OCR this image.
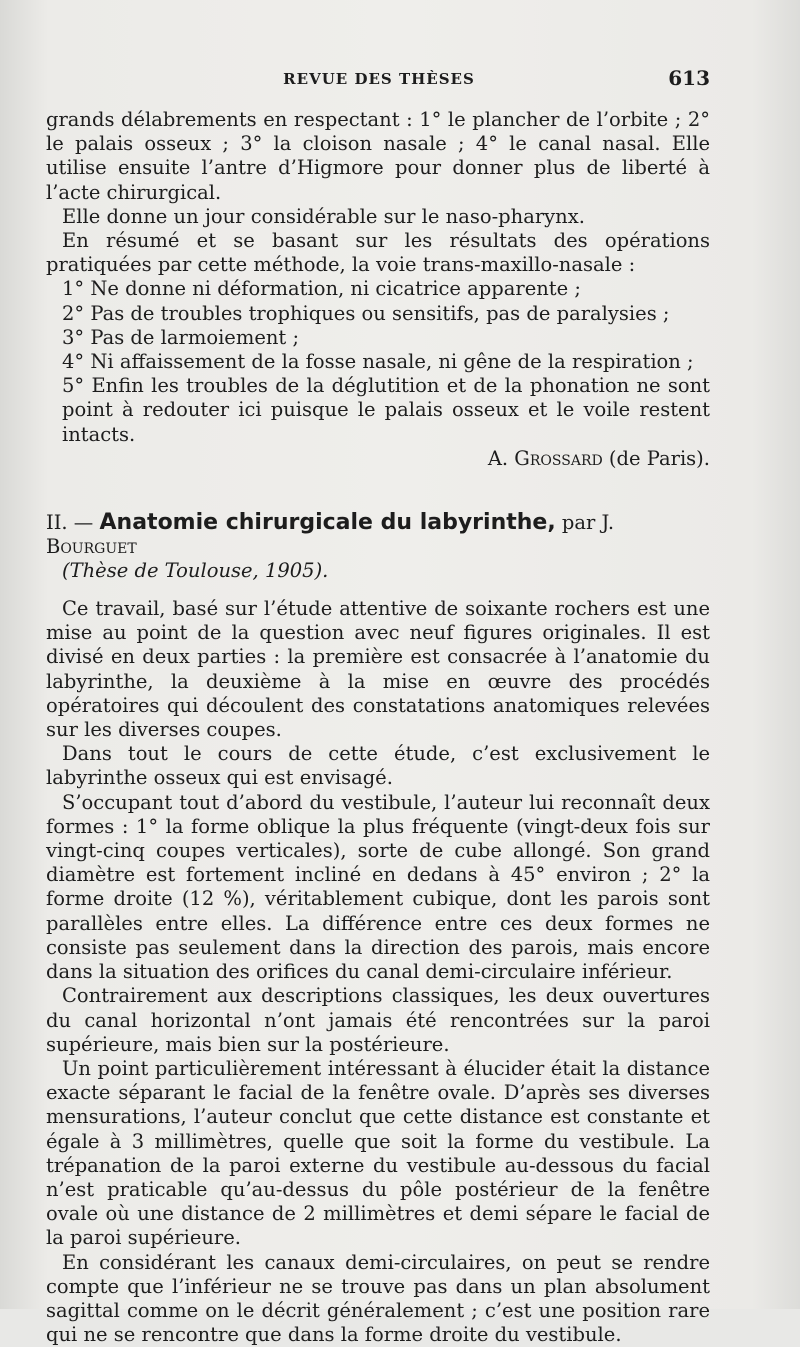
REVUE DES THÈSES	613

grands délabrements en respectant : 1° le plancher de l’orbite ; 2° le palais osseux ; 3° la cloison nasale ; 4° le canal nasal. Elle utilise ensuite l’antre d’Higmore pour donner plus de liberté à l’acte chirurgical.

Elle donne un jour considérable sur le naso-pharynx.

En résumé et se basant sur les résultats des opérations pratiquées par cette méthode, la voie trans-maxillo-nasale :

1° Ne donne ni déformation, ni cicatrice apparente ;

2° Pas de troubles trophiques ou sensitifs, pas de paralysies ;

3° Pas de larmoiement ;

4° Ni affaissement de la fosse nasale, ni gêne de la respiration ;

5° Enfin les troubles de la déglutition et de la phonation ne sont point à redouter ici puisque le palais osseux et le voile restent intacts.

A. Grossard (de Paris).

II. — Anatomie chirurgicale du labyrinthe, par J. Bourguet
(Thèse de Toulouse, 1905).

Ce travail, basé sur l’étude attentive de soixante rochers est une mise au point de la question avec neuf figures originales. Il est divisé en deux parties : la première est consacrée à l’anatomie du labyrinthe, la deuxième à la mise en œuvre des procédés opératoires qui découlent des constatations anatomiques relevées sur les diverses coupes.

Dans tout le cours de cette étude, c’est exclusivement le labyrinthe osseux qui est envisagé.

S’occupant tout d’abord du vestibule, l’auteur lui reconnaît deux formes : 1° la forme oblique la plus fréquente (vingt-deux fois sur vingt-cinq coupes verticales), sorte de cube allongé. Son grand diamètre est fortement incliné en dedans à 45° environ ; 2° la forme droite (12 %), véritablement cubique, dont les parois sont parallèles entre elles. La différence entre ces deux formes ne consiste pas seulement dans la direction des parois, mais encore dans la situation des orifices du canal demi-circulaire inférieur.

Contrairement aux descriptions classiques, les deux ouvertures du canal horizontal n’ont jamais été rencontrées sur la paroi supérieure, mais bien sur la postérieure.

Un point particulièrement intéressant à élucider était la distance exacte séparant le facial de la fenêtre ovale. D’après ses diverses mensurations, l’auteur conclut que cette distance est constante et égale à 3 millimètres, quelle que soit la forme du vestibule. La trépanation de la paroi externe du vestibule au-dessous du facial n’est praticable qu’au-dessus du pôle postérieur de la fenêtre ovale où une distance de 2 millimètres et demi sépare le facial de la paroi supérieure.

En considérant les canaux demi-circulaires, on peut se rendre compte que l’inférieur ne se trouve pas dans un plan absolument sagittal comme on le décrit généralement ; c’est une position rare qui ne se rencontre que dans la forme droite du vestibule.
